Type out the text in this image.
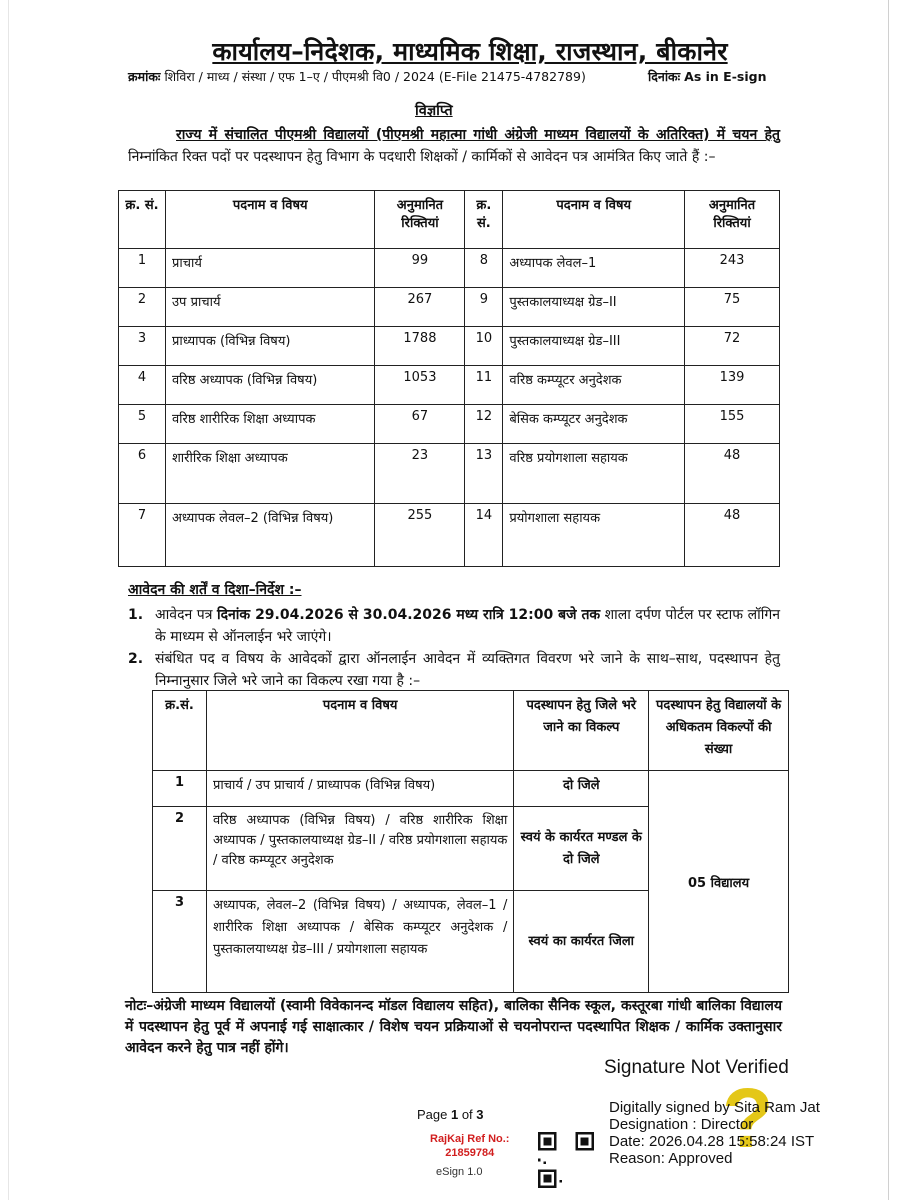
कार्यालय–निदेशक, माध्यमिक शिक्षा, राजस्थान, बीकानेर
क्रमांकः शिविरा / माध्य / संस्था / एफ 1–ए / पीएमश्री वि0 / 2024 (E-File 21475-4782789)	दिनांकः As in E-sign
विज्ञप्ति
राज्य में संचालित पीएमश्री विद्यालयों (पीएमश्री महात्मा गांधी अंग्रेजी माध्यम विद्यालयों के अतिरिक्त) में चयन हेतु निम्नांकित रिक्त पदों पर पदस्थापन हेतु विभाग के पदधारी शिक्षकों / कार्मिकों से आवेदन पत्र आमंत्रित किए जाते हैं :–
क्र. सं.	पदनाम व विषय	अनुमानित रिक्तियां	क्र. सं.	पदनाम व विषय	अनुमानित रिक्तियां
1	प्राचार्य	99	8	अध्यापक लेवल–1	243
2	उप प्राचार्य	267	9	पुस्तकालयाध्यक्ष ग्रेड–II	75
3	प्राध्यापक (विभिन्न विषय)	1788	10	पुस्तकालयाध्यक्ष ग्रेड–III	72
4	वरिष्ठ अध्यापक (विभिन्न विषय)	1053	11	वरिष्ठ कम्प्यूटर अनुदेशक	139
5	वरिष्ठ शारीरिक शिक्षा अध्यापक	67	12	बेसिक कम्प्यूटर अनुदेशक	155
6	शारीरिक शिक्षा अध्यापक	23	13	वरिष्ठ प्रयोगशाला सहायक	48
7	अध्यापक लेवल–2 (विभिन्न विषय)	255	14	प्रयोगशाला सहायक	48
आवेदन की शर्तें व दिशा–निर्देश :–
1. आवेदन पत्र दिनांक 29.04.2026 से 30.04.2026 मध्य रात्रि 12:00 बजे तक शाला दर्पण पोर्टल पर स्टाफ लॉगिन के माध्यम से ऑनलाईन भरे जाएंगे।
2. संबंधित पद व विषय के आवेदकों द्वारा ऑनलाईन आवेदन में व्यक्तिगत विवरण भरे जाने के साथ–साथ, पदस्थापन हेतु निम्नानुसार जिले भरे जाने का विकल्प रखा गया है :–
क्र.सं.	पदनाम व विषय	पदस्थापन हेतु जिले भरे जाने का विकल्प	पदस्थापन हेतु विद्यालयों के अधिकतम विकल्पों की संख्या
1	प्राचार्य / उप प्राचार्य / प्राध्यापक (विभिन्न विषय)	दो जिले	05 विद्यालय
2	वरिष्ठ अध्यापक (विभिन्न विषय) / वरिष्ठ शारीरिक शिक्षा अध्यापक / पुस्तकालयाध्यक्ष ग्रेड–II / वरिष्ठ प्रयोगशाला सहायक / वरिष्ठ कम्प्यूटर अनुदेशक	स्वयं के कार्यरत मण्डल के दो जिले	
3	अध्यापक, लेवल–2 (विभिन्न विषय) / अध्यापक, लेवल–1 / शारीरिक शिक्षा अध्यापक / बेसिक कम्प्यूटर अनुदेशक / पुस्तकालयाध्यक्ष ग्रेड–III / प्रयोगशाला सहायक	स्वयं का कार्यरत जिला	
नोटः–अंग्रेजी माध्यम विद्यालयों (स्वामी विवेकानन्द मॉडल विद्यालय सहित), बालिका सैनिक स्कूल, कस्तूरबा गांधी बालिका विद्यालय में पदस्थापन हेतु पूर्व में अपनाई गई साक्षात्कार / विशेष चयन प्रक्रियाओं से चयनोपरान्त पदस्थापित शिक्षक / कार्मिक उक्तानुसार आवेदन करने हेतु पात्र नहीं होंगे।
?
Signature Not Verified
Digitally signed by Sita Ram Jat
Designation : Director
Date: 2026.04.28 15:58:24 IST
Reason: Approved
Page 1 of 3
RajKaj Ref No.:
21859784
eSign 1.0
